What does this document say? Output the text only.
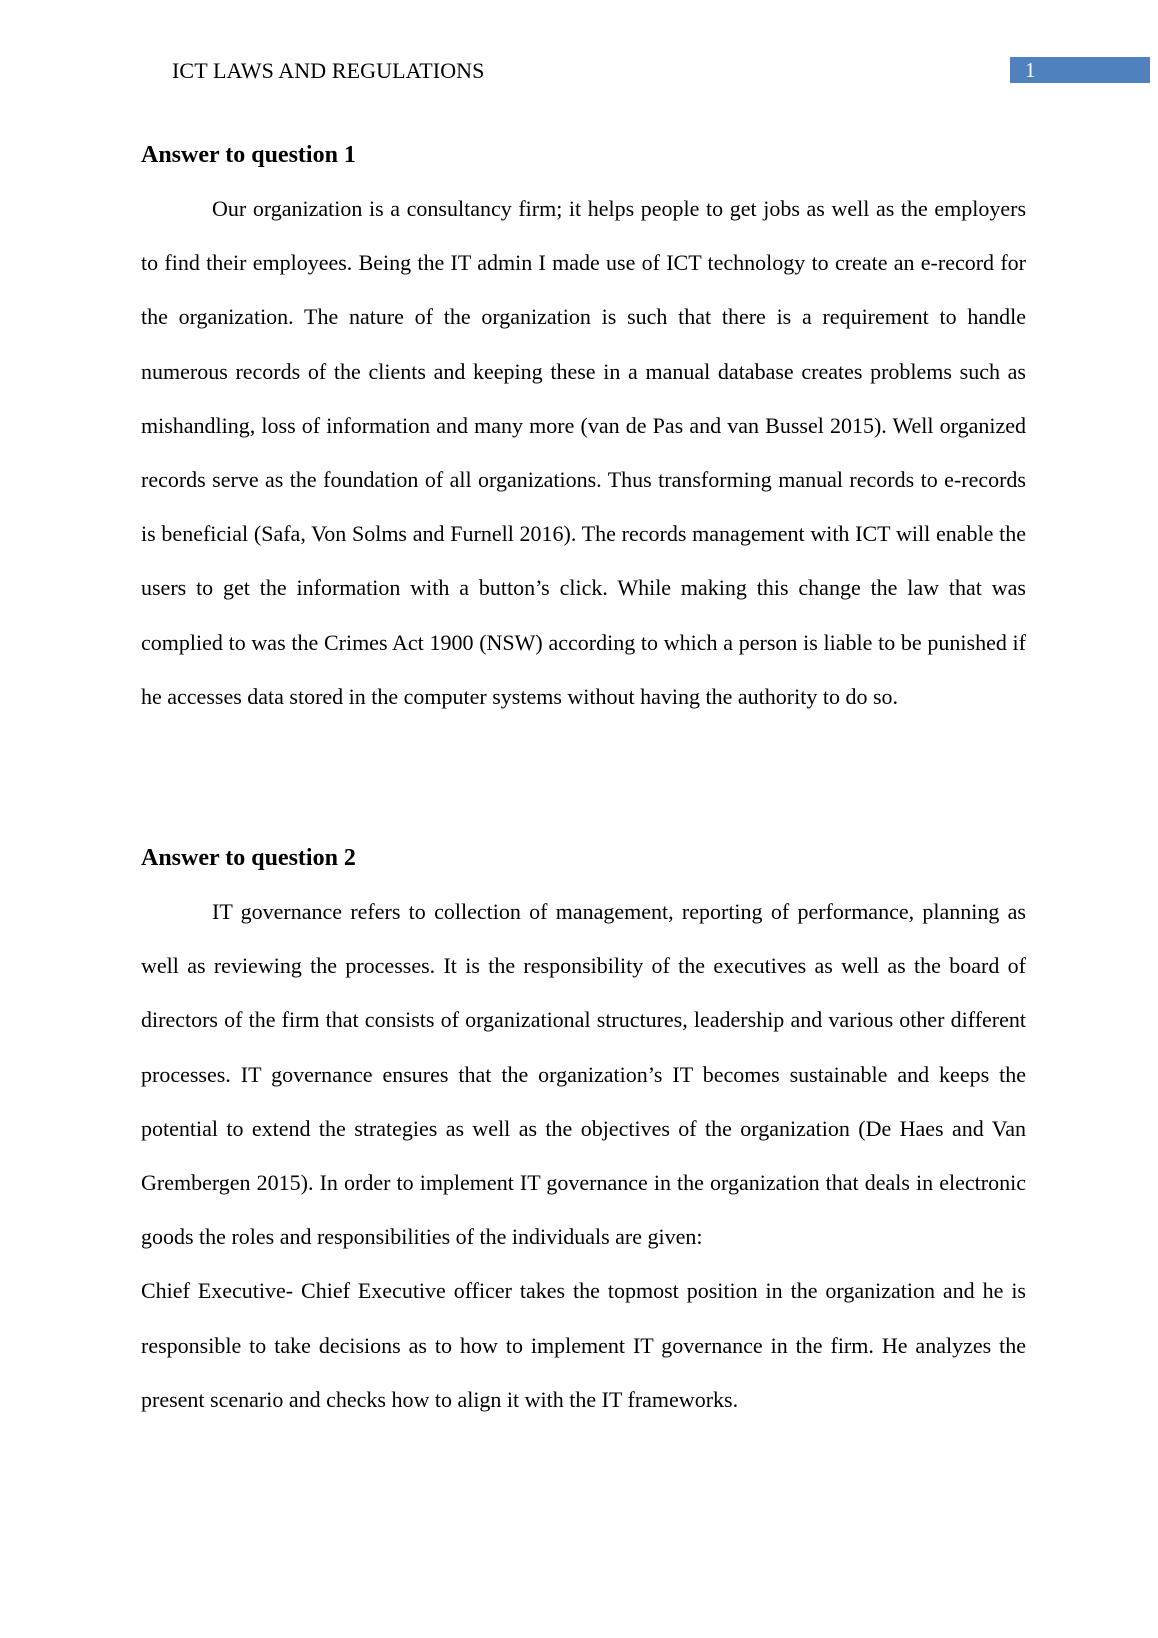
ICT LAWS AND REGULATIONS	1
Answer to question 1

Our organization is a consultancy firm; it helps people to get jobs as well as the employers to find their employees. Being the IT admin I made use of ICT technology to create an e-record for the organization. The nature of the organization is such that there is a requirement to handle numerous records of the clients and keeping these in a manual database creates problems such as mishandling, loss of information and many more (van de Pas and van Bussel 2015). Well organized records serve as the foundation of all organizations. Thus transforming manual records to e-records is beneficial (Safa, Von Solms and Furnell 2016). The records management with ICT will enable the users to get the information with a button’s click. While making this change the law that was complied to was the Crimes Act 1900 (NSW) according to which a person is liable to be punished if he accesses data stored in the computer systems without having the authority to do so.

Answer to question 2

IT governance refers to collection of management, reporting of performance, planning as well as reviewing the processes. It is the responsibility of the executives as well as the board of directors of the firm that consists of organizational structures, leadership and various other different processes. IT governance ensures that the organization’s IT becomes sustainable and keeps the potential to extend the strategies as well as the objectives of the organization (De Haes and Van Grembergen 2015). In order to implement IT governance in the organization that deals in electronic goods the roles and responsibilities of the individuals are given:

Chief Executive- Chief Executive officer takes the topmost position in the organization and he is responsible to take decisions as to how to implement IT governance in the firm. He analyzes the present scenario and checks how to align it with the IT frameworks.
